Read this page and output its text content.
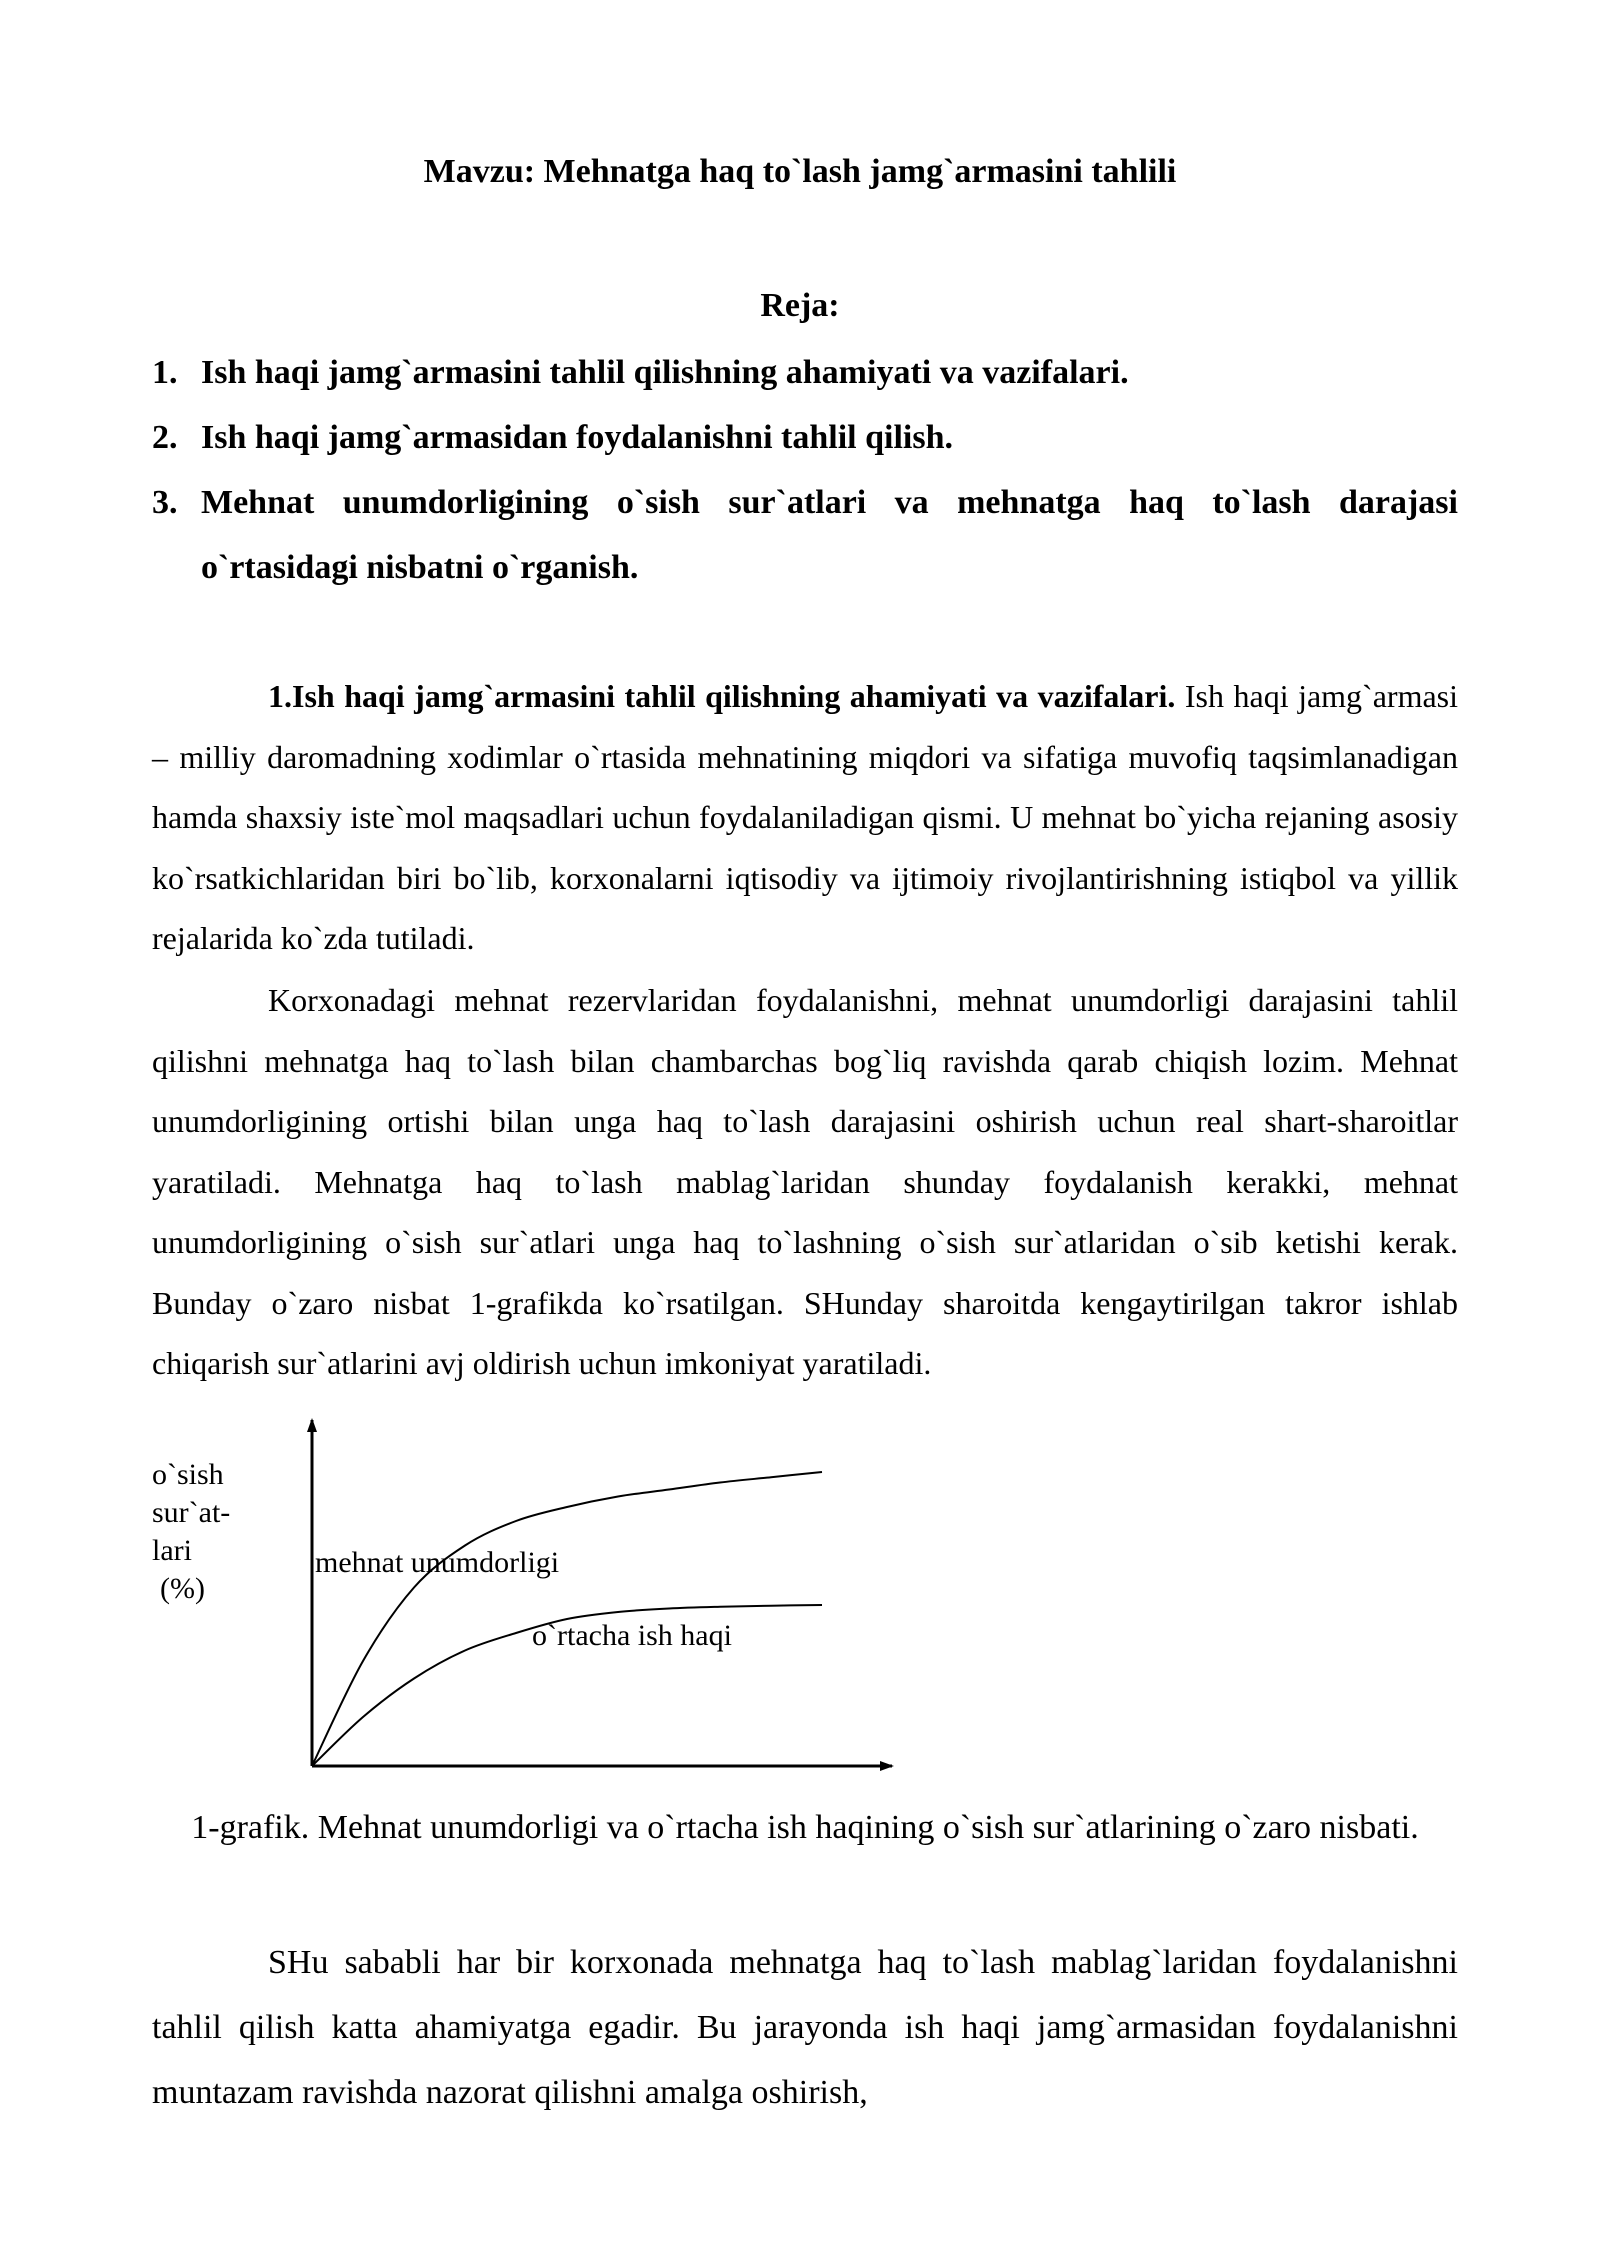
Mavzu: Mehnatga haq to`lash jamg`armasini tahlili
Reja:
1. Ish haqi jamg`armasini tahlil qilishning ahamiyati va vazifalari.
2. Ish haqi jamg`armasidan foydalanishni tahlil qilish.
3. Mehnat unumdorligining o`sish sur`atlari va mehnatga haq to`lash darajasi o`rtasidagi nisbatni o`rganish.

1.Ish haqi jamg`armasini tahlil qilishning ahamiyati va vazifalari. Ish haqi jamg`armasi – milliy daromadning xodimlar o`rtasida mehnatining miqdori va sifatiga muvofiq taqsimlanadigan hamda shaxsiy iste`mol maqsadlari uchun foydalaniladigan qismi. U mehnat bo`yicha rejaning asosiy ko`rsatkichlaridan biri bo`lib, korxonalarni iqtisodiy va ijtimoiy rivojlantirishning istiqbol va yillik rejalarida ko`zda tutiladi.

Korxonadagi mehnat rezervlaridan foydalanishni, mehnat unumdorligi darajasini tahlil qilishni mehnatga haq to`lash bilan chambarchas bog`liq ravishda qarab chiqish lozim. Mehnat unumdorligining ortishi bilan unga haq to`lash darajasini oshirish uchun real shart-sharoitlar yaratiladi. Mehnatga haq to`lash mablag`laridan shunday foydalanish kerakki, mehnat unumdorligining o`sish sur`atlari unga haq to`lashning o`sish sur`atlaridan o`sib ketishi kerak. Bunday o`zaro nisbat 1-grafikda ko`rsatilgan. SHunday sharoitda kengaytirilgan takror ishlab chiqarish sur`atlarini avj oldirish uchun imkoniyat yaratiladi.

o`sish
sur`at-
lari
(%)
mehnat unumdorligi
o`rtacha ish haqi
1-grafik. Mehnat unumdorligi va o`rtacha ish haqining o`sish sur`atlarining o`zaro nisbati.

SHu sababli har bir korxonada mehnatga haq to`lash mablag`laridan foydalanishni tahlil qilish katta ahamiyatga egadir. Bu jarayonda ish haqi jamg`armasidan foydalanishni muntazam ravishda nazorat qilishni amalga oshirish,
